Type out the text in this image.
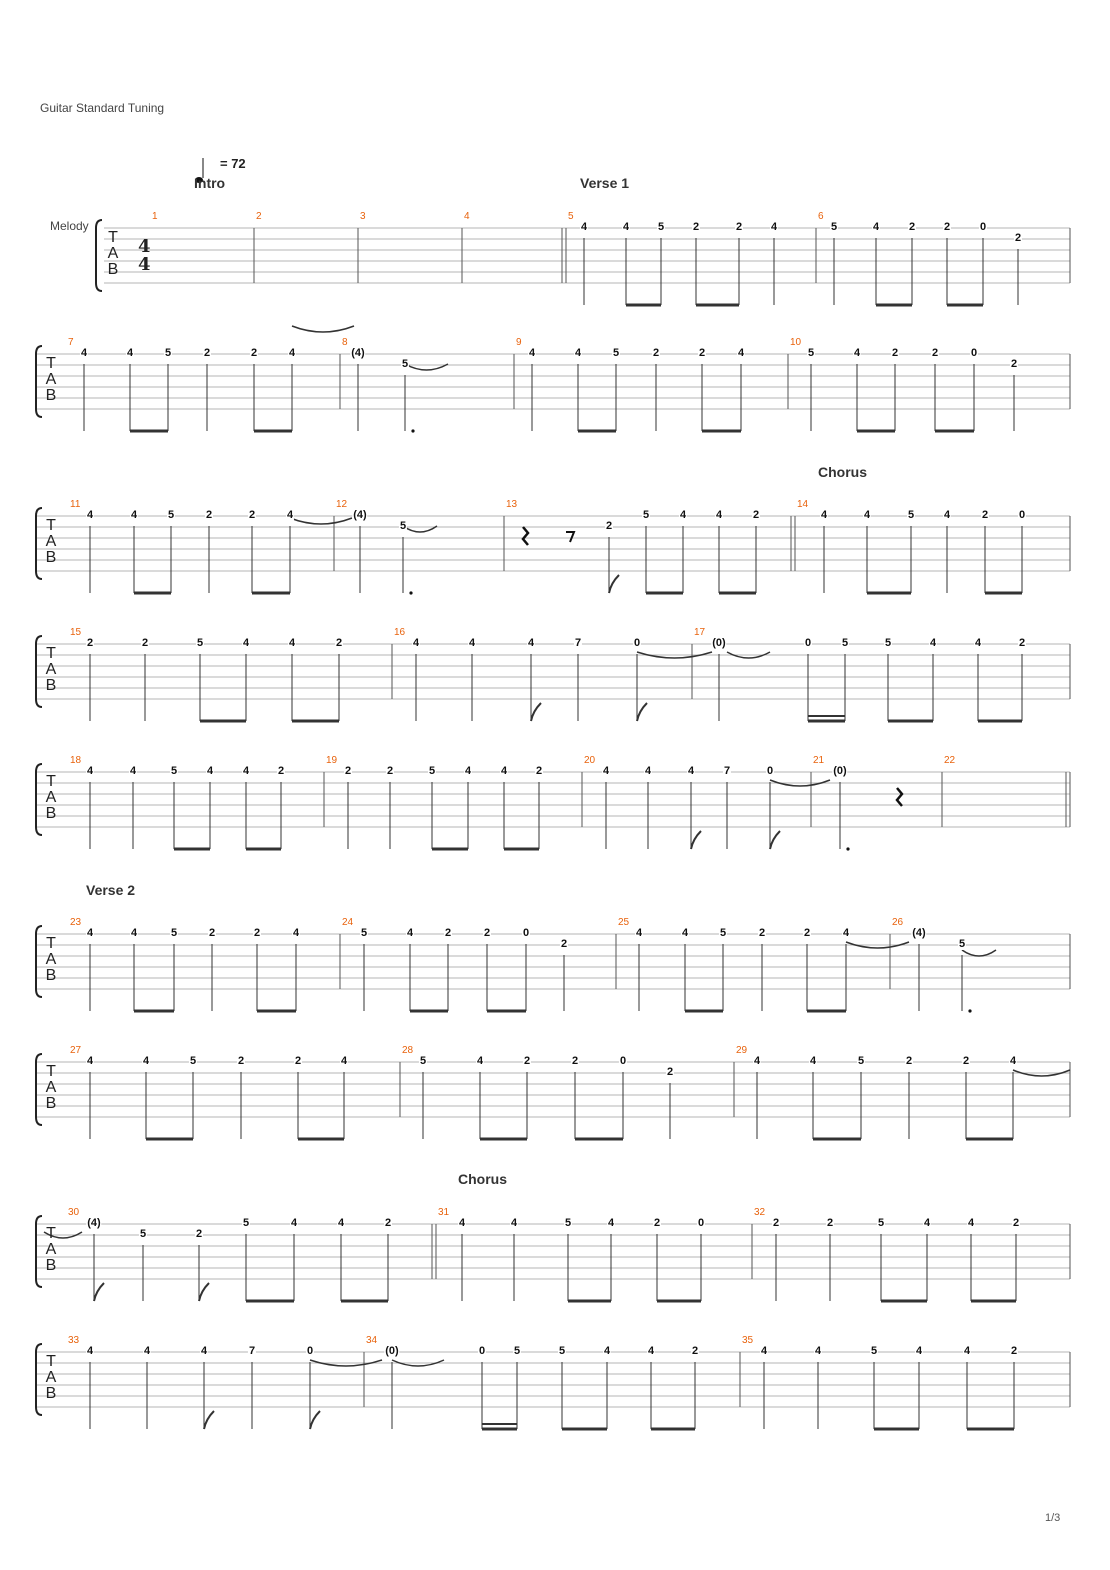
Guitar Standard Tuning
= 72
Melody
Intro	Verse 1
Chorus
Verse 2
Chorus
1/3
T
A
B
4
4
1	2	3	4	5
4	4	5	2	2	4
6
5	4	2	2	0
2
T
A
B
7
4	4	5	2	2	4
8
(4)
5
9
4	4	5	2	2	4
10
5	4	2	2	0
2
T
A
B
11
4	4	5	2	2	4
12
(4)
5
13
2
5	4	4	2
14
4	4	5	4	2	0
T
A
B
15
2	2	5	4	4	2
16
4	4	4	7	0
17
(0)	0	5	5	4	4	2
T
A
B
18
4	4	5	4	4	2
19
2	2	5	4	4	2
20
4	4	4	7	0
21
(0)
22
T
A
B
23
4	4	5	2	2	4
24
5	4	2	2	0
2
25
4	4	5	2	2	4
26
(4)
5
T
A
B
27
4	4	5	2	2	4
28
5	4	2	2	0
2
29
4	4	5	2	2	4
T
A
B
30
(4)
5	2
5	4	4	2
31
4	4	5	4	2	0
32
2	2	5	4	4	2
T
A
B
33
4	4	4	7	0
34
(0)	0	5	5	4	4	2
35
4	4	5	4	4	2
